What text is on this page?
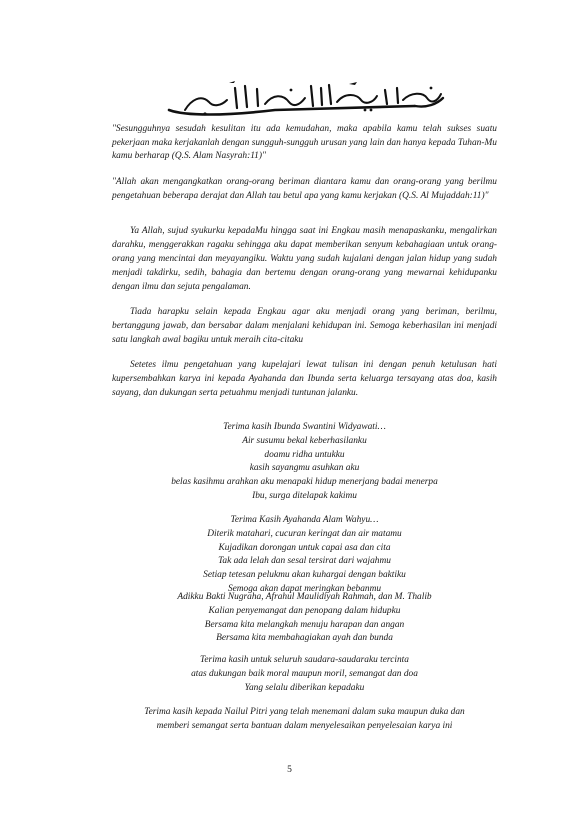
"Sesungguhnya sesudah kesulitan itu ada kemudahan, maka apabila kamu telah sukses suatu pekerjaan maka kerjakanlah dengan sungguh-sungguh urusan yang lain dan hanya kepada Tuhan-Mu kamu berharap (Q.S. Alam Nasyrah:11)"

"Allah akan mengangkatkan orang-orang beriman diantara kamu dan orang-orang yang berilmu pengetahuan beberapa derajat dan Allah tau betul apa yang kamu kerjakan (Q.S. Al Mujaddah:11)"

Ya Allah, sujud syukurku kepadaMu hingga saat ini Engkau masih menapaskanku, mengalirkan darahku, menggerakkan ragaku sehingga aku dapat memberikan senyum kebahagiaan untuk orang-orang yang mencintai dan meyayangiku. Waktu yang sudah kujalani dengan jalan hidup yang sudah menjadi takdirku, sedih, bahagia dan bertemu dengan orang-orang yang mewarnai kehidupanku dengan ilmu dan sejuta pengalaman.

Tiada harapku selain kepada Engkau agar aku menjadi orang yang beriman, berilmu, bertanggung jawab, dan bersabar dalam menjalani kehidupan ini. Semoga keberhasilan ini menjadi satu langkah awal bagiku untuk meraih cita-citaku

Setetes ilmu pengetahuan yang kupelajari lewat tulisan ini dengan penuh ketulusan hati kupersembahkan karya ini kepada Ayahanda dan Ibunda serta keluarga tersayang atas doa, kasih sayang, dan dukungan serta petuahmu menjadi tuntunan jalanku.

Terima kasih Ibunda Swantini Widyawati…
Air susumu bekal keberhasilanku
doamu ridha untukku
kasih sayangmu asuhkan aku
belas kasihmu arahkan aku menapaki hidup menerjang badai menerpa
Ibu, surga ditelapak kakimu
Terima Kasih Ayahanda Alam Wahyu…
Diterik matahari, cucuran keringat dan air matamu
Kujadikan dorongan untuk capai asa dan cita
Tak ada lelah dan sesal tersirat dari wajahmu
Setiap tetesan pelukmu akan kuhargai dengan baktiku
Semoga akan dapat meringkan bebanmu
Adikku Bakti Nugraha, Afrahul Maulidiyah Rahmah, dan M. Thalib
Kalian penyemangat dan penopang dalam hidupku
Bersama kita melangkah menuju harapan dan angan
Bersama kita membahagiakan ayah dan bunda
Terima kasih untuk seluruh saudara-saudaraku tercinta
atas dukungan baik moral maupun moril, semangat dan doa
Yang selalu diberikan kepadaku
Terima kasih kepada Nailul Pitri yang telah menemani dalam suka maupun duka dan
memberi semangat serta bantuan dalam menyelesaikan penyelesaian karya ini
5
